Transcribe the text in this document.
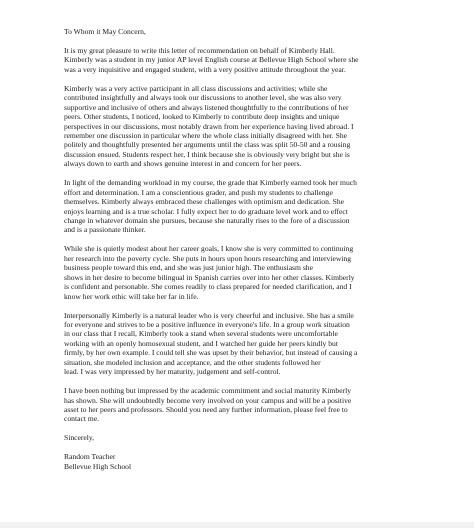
To Whom it May Concern,

It is my great pleasure to write this letter of recommendation on behalf of Kimberly Hall.
Kimberly was a student in my junior AP level English course at Bellevue High School where she
was a very inquisitive and engaged student, with a very positive attitude throughout the year.

Kimberly was a very active participant in all class discussions and activities; while she
contributed insightfully and always took our discussions to another level, she was also very
supportive and inclusive of others and always listened thoughtfully to the contributions of her
peers. Other students, I noticed, looked to Kimberly to contribute deep insights and unique
perspectives in our discussions, most notably drawn from her experience having lived abroad. I
remember one discussion in particular where the whole class initially disagreed with her. She
politely and thoughtfully presented her arguments until the class was split 50-50 and a rousing
discussion ensued. Students respect her, I think because she is obviously very bright but she is
always down to earth and shows genuine interest in and concern for her peers.

In light of the demanding workload in my course, the grade that Kimberly earned took her much
effort and determination. I am a conscientious grader, and push my students to challenge
themselves. Kimberly always embraced these challenges with optimism and dedication. She
enjoys learning and is a true scholar. I fully expect her to do graduate level work and to effect
change in whatever domain she pursues, because she naturally rises to the fore of a discussion
and is a passionate thinker.

While she is quietly modest about her career goals, I know she is very committed to continuing
her research into the poverty cycle. She puts in hours upon hours researching and interviewing
business people toward this end, and she was just junior high. The enthusiasm she
shows in her desire to become bilingual in Spanish carries over into her other classes. Kimberly
is confident and personable. She comes readily to class prepared for needed clarification, and I
know her work ethic will take her far in life.

Interpersonally Kimberly is a natural leader who is very cheerful and inclusive. She has a smile
for everyone and strives to be a positive influence in everyone's life. In a group work situation
in our class that I recall, Kimberly took a stand when several students were uncomfortable
working with an openly homosexual student, and I watched her guide her peers kindly but
firmly, by her own example. I could tell she was upset by their behavior, but instead of causing a
situation, she modeled inclusion and acceptance, and the other students followed her
lead. I was very impressed by her maturity, judgement and self-control.

I have been nothing but impressed by the academic commitment and social maturity Kimberly
has shown. She will undoubtedly become very involved on your campus and will be a positive
asset to her peers and professors. Should you need any further information, please feel free to
contact me.

Sincerely,

Random Teacher

Bellevue High School
